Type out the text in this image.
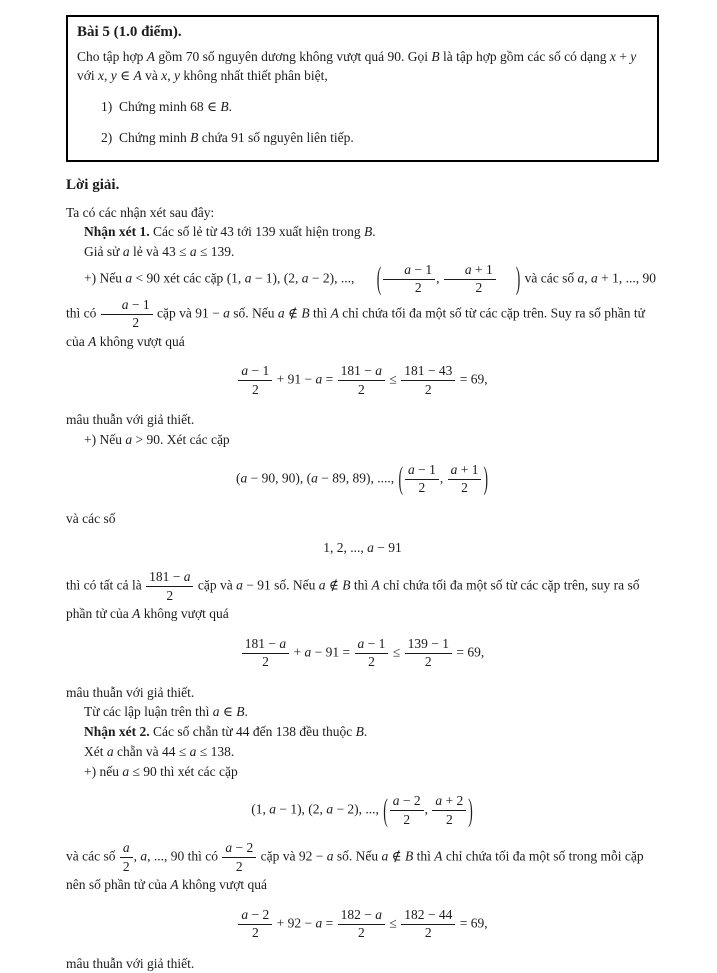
Bài 5 (1.0 điểm).
Cho tập hợp A gồm 70 số nguyên dương không vượt quá 90. Gọi B là tập hợp gồm các số có dạng x + y với x, y ∈ A và x, y không nhất thiết phân biệt,
1)  Chứng minh 68 ∈ B.
2)  Chứng minh B chứa 91 số nguyên liên tiếp.
Lời giải.
Ta có các nhận xét sau đây:
Nhận xét 1. Các số lẻ từ 43 tới 139 xuất hiện trong B.
Giả sử a lẻ và 43 ≤ a ≤ 139.
+) Nếu a < 90 xét các cặp (1, a − 1), (2, a − 2), ..., ( $\frac{a - 1}{2}$ , $\frac{a + 1}{2}$ ) và các số a, a + 1, ..., 90 thì có $\frac{a - 1}{2}$ cặp và 91 − a số. Nếu a ∉ B thì A chỉ chứa tối đa một số từ các cặp trên. Suy ra số phần tử của A không vượt quá
$\frac{a - 1}{2} + 91 - a = \frac{181 - a}{2} \le \frac{181 - 43}{2} = 69$,
mâu thuẫn với giả thiết.
+) Nếu a > 90. Xét các cặp
(a − 90, 90), (a − 89, 89), ...., ( $\frac{a - 1}{2}$ , $\frac{a + 1}{2}$ )
và các số
1, 2, ..., a − 91
thì có tất cả là $\frac{181 - a}{2}$ cặp và a − 91 số. Nếu a ∉ B thì A chỉ chứa tối đa một số từ các cặp trên, suy ra số phần tử của A không vượt quá
$\frac{181 - a}{2} + a - 91 = \frac{a - 1}{2} \le \frac{139 - 1}{2} = 69$,
mâu thuẫn với giả thiết.
Từ các lập luận trên thì a ∈ B.
Nhận xét 2. Các số chẵn từ 44 đến 138 đều thuộc B.
Xét a chẵn và 44 ≤ a ≤ 138.
+) nếu a ≤ 90 thì xét các cặp
(1, a − 1), (2, a − 2), ..., ( $\frac{a - 2}{2}$ , $\frac{a + 2}{2}$ )
và các số $\frac{a}{2}$ , a, ..., 90 thì có $\frac{a - 2}{2}$ cặp và 92 − a số. Nếu a ∉ B thì A chỉ chứa tối đa một số trong mỗi cặp nên số phần tử của A không vượt quá
$\frac{a - 2}{2} + 92 - a = \frac{182 - a}{2} \le \frac{182 - 44}{2} = 69$,
mâu thuẫn với giả thiết.
